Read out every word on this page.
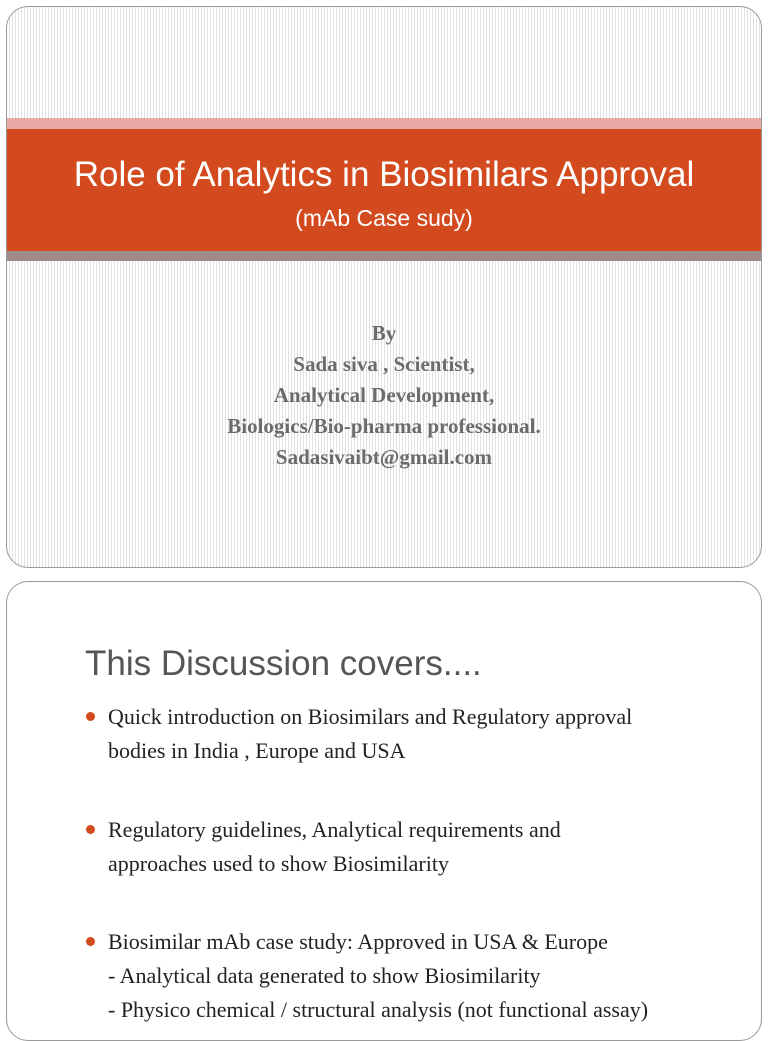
Role of Analytics in Biosimilars Approval
(mAb Case sudy)
By
Sada siva , Scientist,
Analytical Development,
Biologics/Bio-pharma professional.
Sadasivaibt@gmail.com
This Discussion covers....
Quick introduction on Biosimilars and Regulatory approval
bodies in India , Europe and USA
Regulatory guidelines, Analytical requirements and
approaches used to show Biosimilarity
Biosimilar mAb case study: Approved in USA & Europe
- Analytical data generated to show Biosimilarity
- Physico chemical / structural analysis (not functional assay)
